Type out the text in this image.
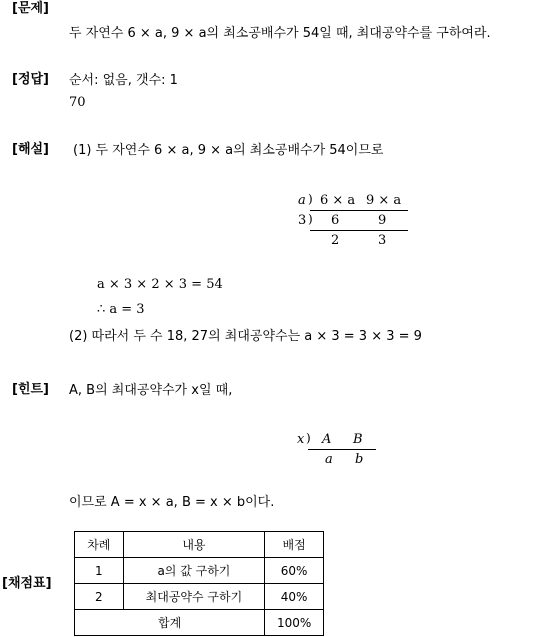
[문제]
두 자연수 6 × a, 9 × a의 최소공배수가 54일 때, 최대공약수를 구하여라.
[정답] 순서: 없음, 갯수: 1
70
[해설] (1) 두 자연수 6 × a, 9 × a의 최소공배수가 54이므로
a ) 6 × a 9 × a
3 ) 6	9
2	3
a × 3 × 2 × 3 = 54
∴ a = 3
(2) 따라서 두 수 18, 27의 최대공약수는 a × 3 = 3 × 3 = 9
[힌트] A, B의 최대공약수가 x일 때,
x ) A B
a b
이므로 A = x × a, B = x × b이다.
[채점표]
차례	내용	배점
1	a의 값 구하기	60%
2	최대공약수 구하기	40%
합계		100%
